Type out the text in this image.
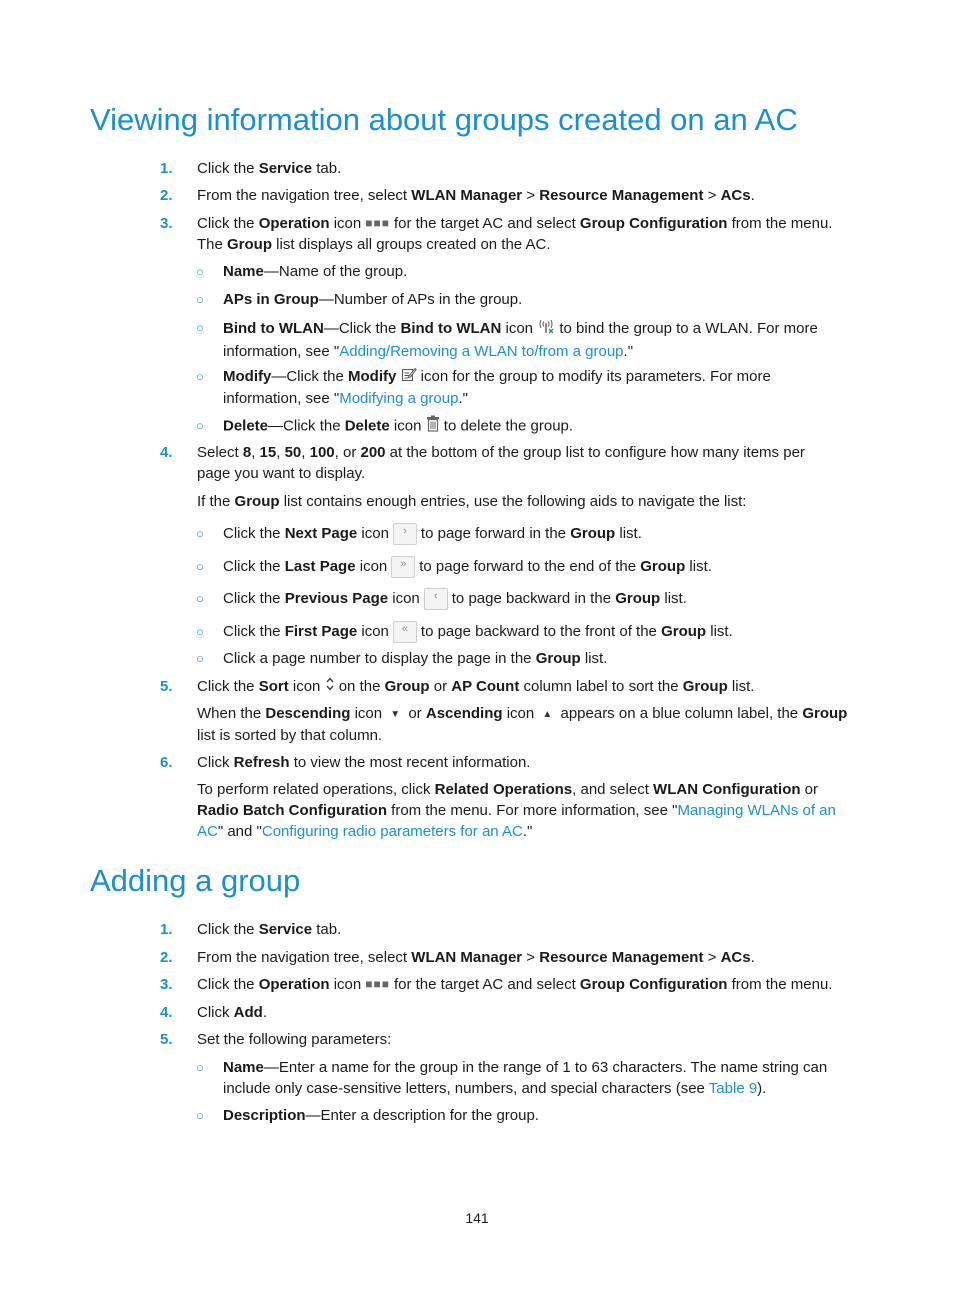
Viewing information about groups created on an AC
1. Click the Service tab.
2. From the navigation tree, select WLAN Manager > Resource Management > ACs.
3. Click the Operation icon ■■■ for the target AC and select Group Configuration from the menu.
The Group list displays all groups created on the AC.
○ Name—Name of the group.
○ APs in Group—Number of APs in the group.
○ Bind to WLAN—Click the Bind to WLAN icon  to bind the group to a WLAN. For more
information, see "Adding/Removing a WLAN to/from a group."
○ Modify—Click the Modify  icon for the group to modify its parameters. For more
information, see "Modifying a group."
○ Delete—Click the Delete icon  to delete the group.
4. Select 8, 15, 50, 100, or 200 at the bottom of the group list to configure how many items per
page you want to display.
If the Group list contains enough entries, use the following aids to navigate the list:
○ Click the Next Page icon › to page forward in the Group list.
○ Click the Last Page icon » to page forward to the end of the Group list.
○ Click the Previous Page icon ‹ to page backward in the Group list.
○ Click the First Page icon « to page backward to the front of the Group list.
○ Click a page number to display the page in the Group list.
5. Click the Sort icon  on the Group or AP Count column label to sort the Group list.
When the Descending icon ▼ or Ascending icon ▲ appears on a blue column label, the Group
list is sorted by that column.
6. Click Refresh to view the most recent information.
To perform related operations, click Related Operations, and select WLAN Configuration or
Radio Batch Configuration from the menu. For more information, see "Managing WLANs of an
AC" and "Configuring radio parameters for an AC."
Adding a group
1. Click the Service tab.
2. From the navigation tree, select WLAN Manager > Resource Management > ACs.
3. Click the Operation icon ■■■ for the target AC and select Group Configuration from the menu.
4. Click Add.
5. Set the following parameters:
○ Name—Enter a name for the group in the range of 1 to 63 characters. The name string can
include only case-sensitive letters, numbers, and special characters (see Table 9).
○ Description—Enter a description for the group.
141
